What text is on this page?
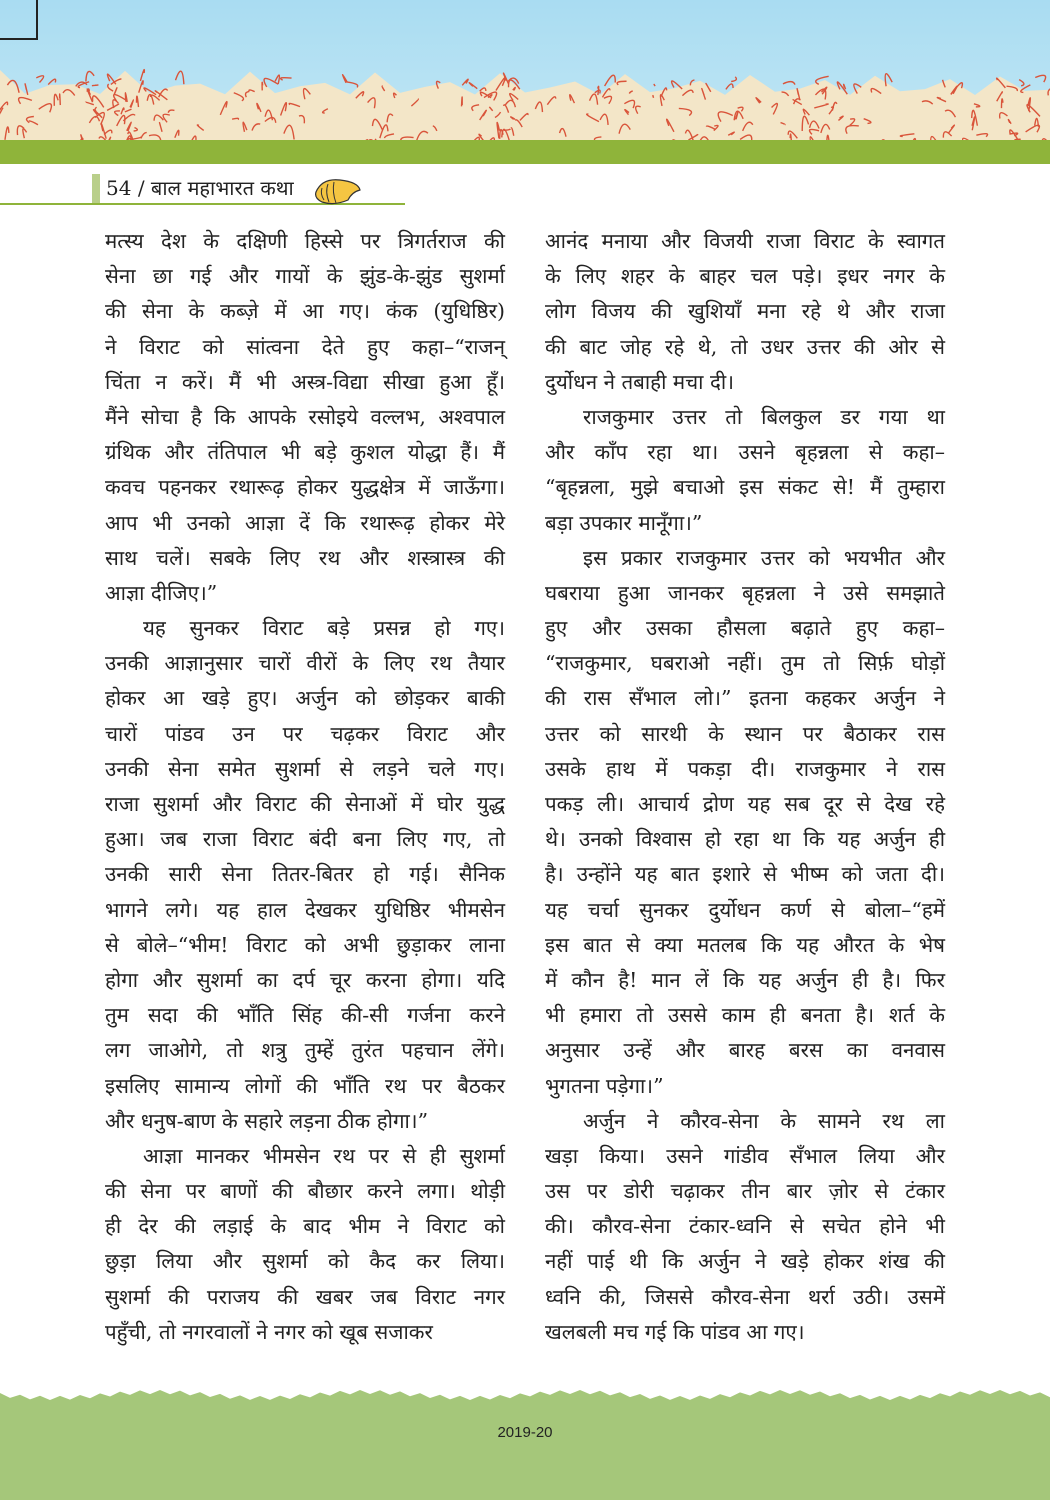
54 / बाल महाभारत कथा
मत्स्य देश के दक्षिणी हिस्से पर त्रिगर्तराज की
सेना छा गई और गायों के झुंड-के-झुंड सुशर्मा
की सेना के कब्ज़े में आ गए। कंक (युधिष्ठिर)
ने विराट को सांत्वना देते हुए कहा–“राजन्
चिंता न करें। मैं भी अस्त्र-विद्या सीखा हुआ हूँ।
मैंने सोचा है कि आपके रसोइये वल्लभ, अश्वपाल
ग्रंथिक और तंतिपाल भी बड़े कुशल योद्धा हैं। मैं
कवच पहनकर रथारूढ़ होकर युद्धक्षेत्र में जाऊँगा।
आप भी उनको आज्ञा दें कि रथारूढ़ होकर मेरे
साथ चलें। सबके लिए रथ और शस्त्रास्त्र की
आज्ञा दीजिए।”
यह सुनकर विराट बड़े प्रसन्न हो गए।
उनकी आज्ञानुसार चारों वीरों के लिए रथ तैयार
होकर आ खड़े हुए। अर्जुन को छोड़कर बाकी
चारों पांडव उन पर चढ़कर विराट और
उनकी सेना समेत सुशर्मा से लड़ने चले गए।
राजा सुशर्मा और विराट की सेनाओं में घोर युद्ध
हुआ। जब राजा विराट बंदी बना लिए गए, तो
उनकी सारी सेना तितर-बितर हो गई। सैनिक
भागने लगे। यह हाल देखकर युधिष्ठिर भीमसेन
से बोले–“भीम! विराट को अभी छुड़ाकर लाना
होगा और सुशर्मा का दर्प चूर करना होगा। यदि
तुम सदा की भाँति सिंह की-सी गर्जना करने
लग जाओगे, तो शत्रु तुम्हें तुरंत पहचान लेंगे।
इसलिए सामान्य लोगों की भाँति रथ पर बैठकर
और धनुष-बाण के सहारे लड़ना ठीक होगा।”
आज्ञा मानकर भीमसेन रथ पर से ही सुशर्मा
की सेना पर बाणों की बौछार करने लगा। थोड़ी
ही देर की लड़ाई के बाद भीम ने विराट को
छुड़ा लिया और सुशर्मा को कैद कर लिया।
सुशर्मा की पराजय की खबर जब विराट नगर
पहुँची, तो नगरवालों ने नगर को खूब सजाकर
आनंद मनाया और विजयी राजा विराट के स्वागत
के लिए शहर के बाहर चल पड़े। इधर नगर के
लोग विजय की खुशियाँ मना रहे थे और राजा
की बाट जोह रहे थे, तो उधर उत्तर की ओर से
दुर्योधन ने तबाही मचा दी।
राजकुमार उत्तर तो बिलकुल डर गया था
और काँप रहा था। उसने बृहन्नला से कहा–
“बृहन्नला, मुझे बचाओ इस संकट से! मैं तुम्हारा
बड़ा उपकार मानूँगा।”
इस प्रकार राजकुमार उत्तर को भयभीत और
घबराया हुआ जानकर बृहन्नला ने उसे समझाते
हुए और उसका हौसला बढ़ाते हुए कहा–
“राजकुमार, घबराओ नहीं। तुम तो सिर्फ़ घोड़ों
की रास सँभाल लो।” इतना कहकर अर्जुन ने
उत्तर को सारथी के स्थान पर बैठाकर रास
उसके हाथ में पकड़ा दी। राजकुमार ने रास
पकड़ ली। आचार्य द्रोण यह सब दूर से देख रहे
थे। उनको विश्वास हो रहा था कि यह अर्जुन ही
है। उन्होंने यह बात इशारे से भीष्म को जता दी।
यह चर्चा सुनकर दुर्योधन कर्ण से बोला–“हमें
इस बात से क्या मतलब कि यह औरत के भेष
में कौन है! मान लें कि यह अर्जुन ही है। फिर
भी हमारा तो उससे काम ही बनता है। शर्त के
अनुसार उन्हें और बारह बरस का वनवास
भुगतना पड़ेगा।”
अर्जुन ने कौरव-सेना के सामने रथ ला
खड़ा किया। उसने गांडीव सँभाल लिया और
उस पर डोरी चढ़ाकर तीन बार ज़ोर से टंकार
की। कौरव-सेना टंकार-ध्वनि से सचेत होने भी
नहीं पाई थी कि अर्जुन ने खड़े होकर शंख की
ध्वनि की, जिससे कौरव-सेना थर्रा उठी। उसमें
खलबली मच गई कि पांडव आ गए।
2019-20
